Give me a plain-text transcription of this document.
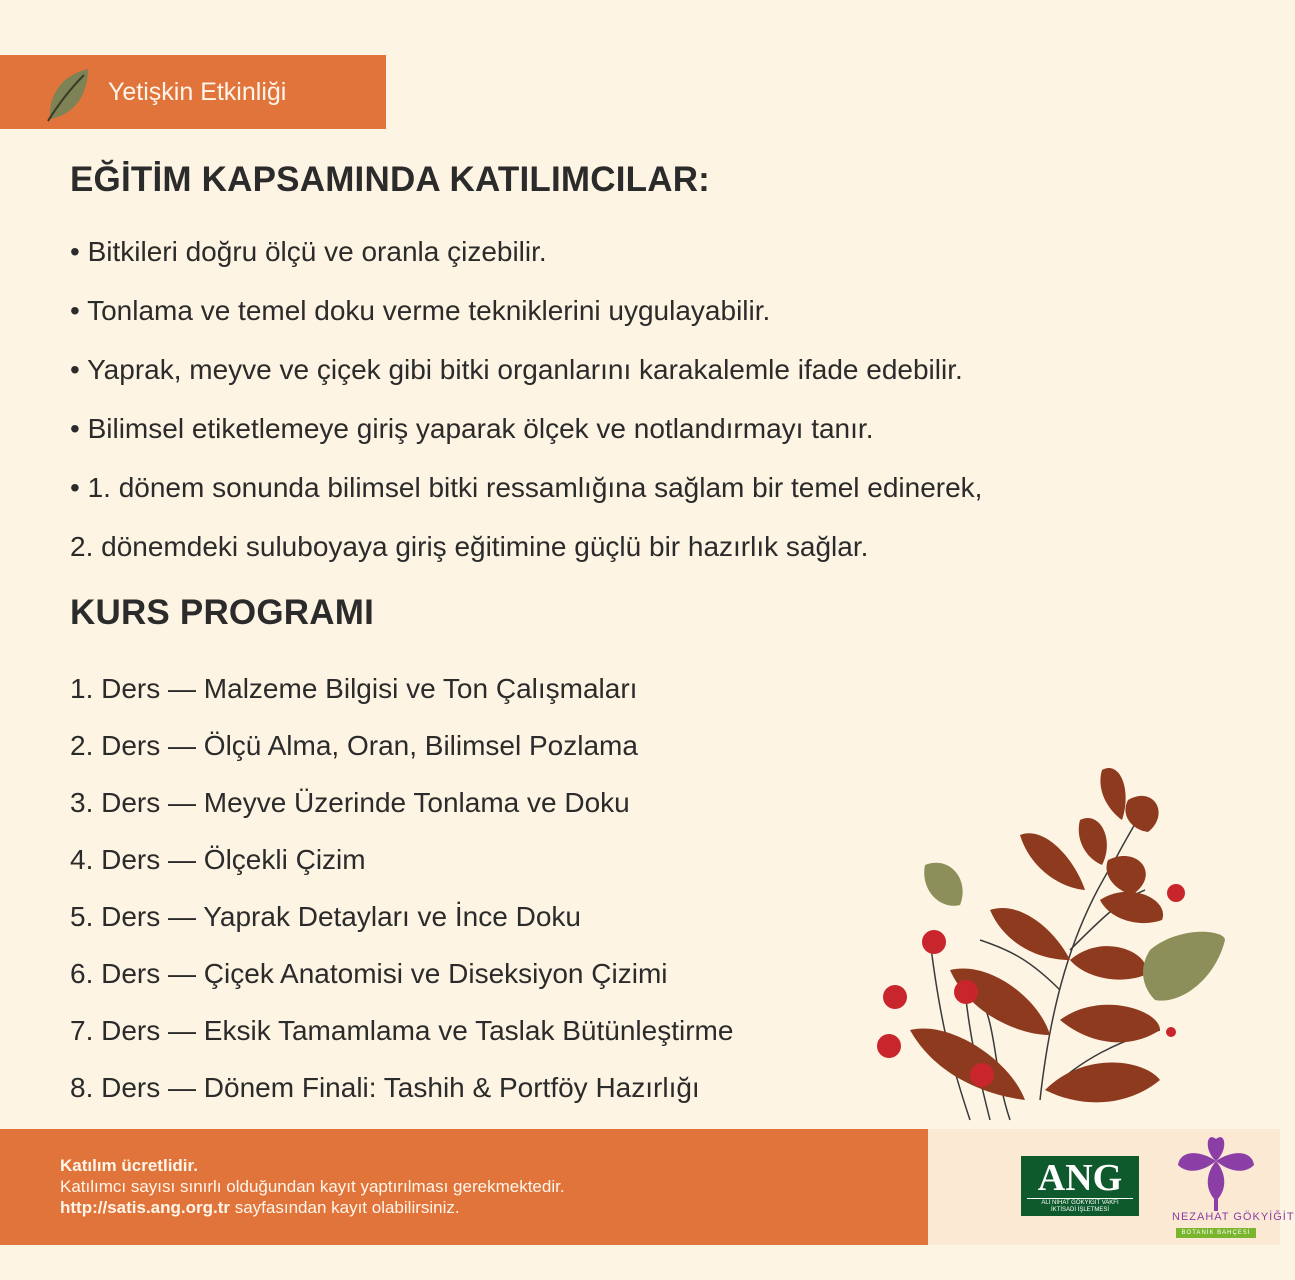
Yetişkin Etkinliği
EĞİTİM KAPSAMINDA KATILIMCILAR:
• Bitkileri doğru ölçü ve oranla çizebilir.
• Tonlama ve temel doku verme tekniklerini uygulayabilir.
• Yaprak, meyve ve çiçek gibi bitki organlarını karakalemle ifade edebilir.
• Bilimsel etiketlemeye giriş yaparak ölçek ve notlandırmayı tanır.
• 1. dönem sonunda bilimsel bitki ressamlığına sağlam bir temel edinerek,
2. dönemdeki suluboyaya giriş eğitimine güçlü bir hazırlık sağlar.
KURS PROGRAMI
1. Ders — Malzeme Bilgisi ve Ton Çalışmaları
2. Ders — Ölçü Alma, Oran, Bilimsel Pozlama
3. Ders — Meyve Üzerinde Tonlama ve Doku
4. Ders — Ölçekli Çizim
5. Ders — Yaprak Detayları ve İnce Doku
6. Ders — Çiçek Anatomisi ve Diseksiyon Çizimi
7. Ders — Eksik Tamamlama ve Taslak Bütünleştirme
8. Ders — Dönem Finali: Tashih & Portföy Hazırlığı
Katılım ücretlidir.
Katılımcı sayısı sınırlı olduğundan kayıt yaptırılması gerekmektedir.
http://satis.ang.org.tr sayfasından kayıt olabilirsiniz.
ANG
ALİ NİHAT GÖKYİĞİT VAKFI
İKTİSADİ İŞLETMESİ
NEZAHAT GÖKYİĞİT
BOTANİK BAHÇESİ
